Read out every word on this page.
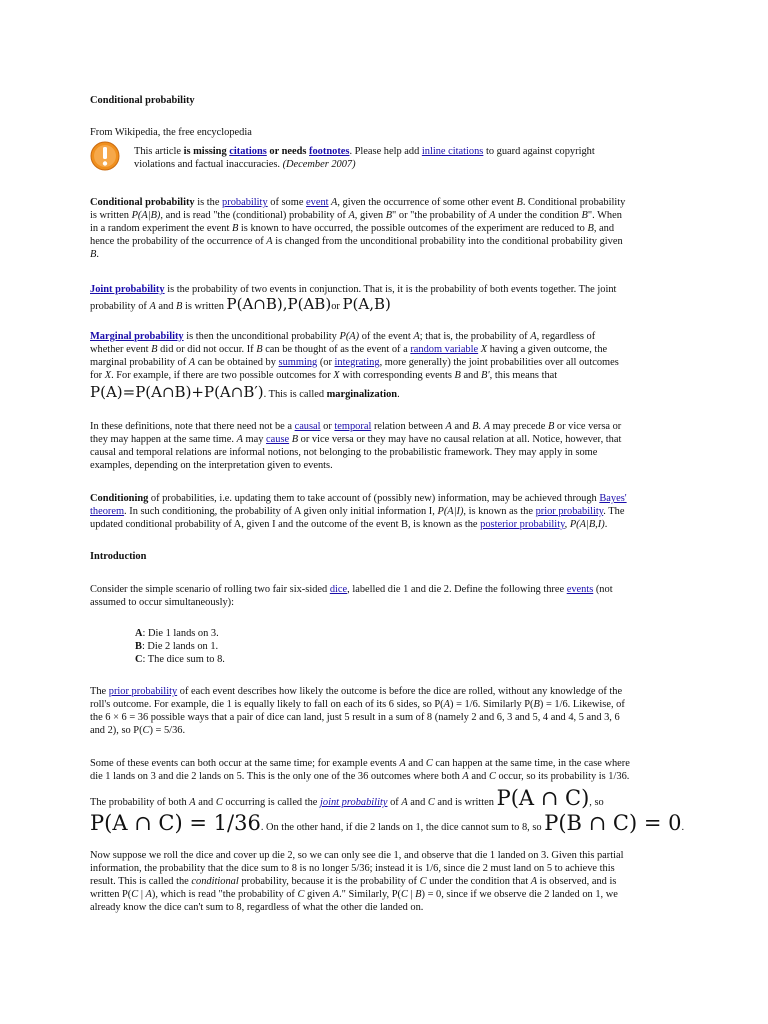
Conditional probability
From Wikipedia, the free encyclopedia
This article is missing citations or needs footnotes. Please help add inline citations to guard against copyright
violations and factual inaccuracies. (December 2007)
Conditional probability is the probability of some event A, given the occurrence of some other event B. Conditional probability
is written P(A|B), and is read "the (conditional) probability of A, given B" or "the probability of A under the condition B". When
in a random experiment the event B is known to have occurred, the possible outcomes of the experiment are reduced to B, and
hence the probability of the occurrence of A is changed from the unconditional probability into the conditional probability given
B.
Joint probability is the probability of two events in conjunction. That is, it is the probability of both events together. The joint
probability of A and B is written P(A∩B),P(AB)or P(A,B)
Marginal probability is then the unconditional probability P(A) of the event A; that is, the probability of A, regardless of
whether event B did or did not occur. If B can be thought of as the event of a random variable X having a given outcome, the
marginal probability of A can be obtained by summing (or integrating, more generally) the joint probabilities over all outcomes
for X. For example, if there are two possible outcomes for X with corresponding events B and B', this means that
P(A)=P(A∩B)+P(A∩B′). This is called marginalization.
In these definitions, note that there need not be a causal or temporal relation between A and B. A may precede B or vice versa or
they may happen at the same time. A may cause B or vice versa or they may have no causal relation at all. Notice, however, that
causal and temporal relations are informal notions, not belonging to the probabilistic framework. They may apply in some
examples, depending on the interpretation given to events.
Conditioning of probabilities, i.e. updating them to take account of (possibly new) information, may be achieved through Bayes'
theorem. In such conditioning, the probability of A given only initial information I, P(A|I), is known as the prior probability. The
updated conditional probability of A, given I and the outcome of the event B, is known as the posterior probability, P(A|B,I).
Introduction
Consider the simple scenario of rolling two fair six-sided dice, labelled die 1 and die 2. Define the following three events (not
assumed to occur simultaneously):
A: Die 1 lands on 3.
B: Die 2 lands on 1.
C: The dice sum to 8.
The prior probability of each event describes how likely the outcome is before the dice are rolled, without any knowledge of the
roll's outcome. For example, die 1 is equally likely to fall on each of its 6 sides, so P(A) = 1/6. Similarly P(B) = 1/6. Likewise, of
the 6 × 6 = 36 possible ways that a pair of dice can land, just 5 result in a sum of 8 (namely 2 and 6, 3 and 5, 4 and 4, 5 and 3, 6
and 2), so P(C) = 5/36.
Some of these events can both occur at the same time; for example events A and C can happen at the same time, in the case where
die 1 lands on 3 and die 2 lands on 5. This is the only one of the 36 outcomes where both A and C occur, so its probability is 1/36.
The probability of both A and C occurring is called the joint probability of A and C and is written P(A ∩ C), so
P(A ∩ C) = 1/36. On the other hand, if die 2 lands on 1, the dice cannot sum to 8, so P(B ∩ C) = 0.
Now suppose we roll the dice and cover up die 2, so we can only see die 1, and observe that die 1 landed on 3. Given this partial
information, the probability that the dice sum to 8 is no longer 5/36; instead it is 1/6, since die 2 must land on 5 to achieve this
result. This is called the conditional probability, because it is the probability of C under the condition that A is observed, and is
written P(C | A), which is read "the probability of C given A." Similarly, P(C | B) = 0, since if we observe die 2 landed on 1, we
already know the dice can't sum to 8, regardless of what the other die landed on.
